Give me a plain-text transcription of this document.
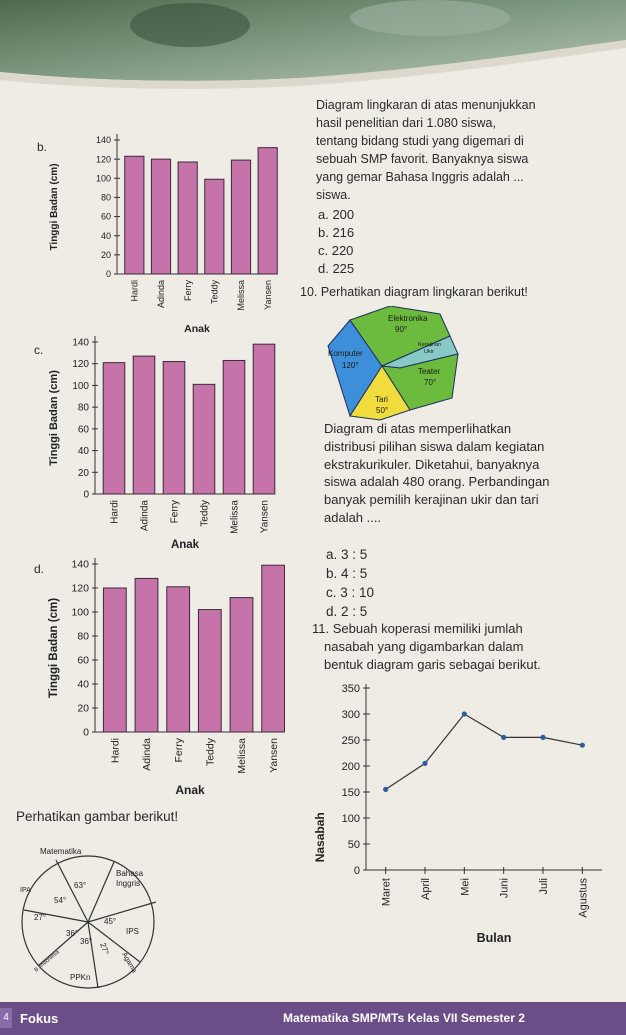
b.
0
20
40
60
80
100
120
140
Hardi Adinda Ferry Teddy Melissa Yansen
Tinggi Badan (cm)
Anak
c.
0
20
40
60
80
100
120
140
Hardi Adinda Ferry Teddy Melissa Yansen
Tinggi Badan (cm)
Anak
d.
0
20
40
60
80
100
120
140
Hardi Adinda Ferry Teddy Melissa Yansen
Tinggi Badan (cm)
Anak
Diagram lingkaran di atas menunjukkan
hasil penelitian dari 1.080 siswa,
tentang bidang studi yang digemari di
sebuah SMP favorit. Banyaknya siswa
yang gemar Bahasa Inggris adalah ...
siswa.
a. 200
b. 216
c. 220
d. 225
10. Perhatikan diagram lingkaran berikut!
Elektronika
90°
Kerajinan
Ukir
Teater
70°
Tari
50°
Komputer
120°
Diagram di atas memperlihatkan
distribusi pilihan siswa dalam kegiatan
ekstrakurikuler. Diketahui, banyaknya
siswa adalah 480 orang. Perbandingan
banyak pemilih kerajinan ukir dan tari
adalah ....
a. 3 : 5
b. 4 : 5
c. 3 : 10
d. 2 : 5
11. Sebuah koperasi memiliki jumlah
nasabah yang digambarkan dalam
bentuk diagram garis sebagai berikut.
0
50
100
150
200
250
300
350
Maret April Mei Juni Juli Agustus
Nasabah
Bulan
Perhatikan gambar berikut!
Matematika
Bahasa
Inggris
IPA
IPS
Agama
PPKn
B. Indonesia
63°
54°
27°	45°
36°
27°
36°
4 Fokus	Matematika SMP/MTs Kelas VII Semester 2
